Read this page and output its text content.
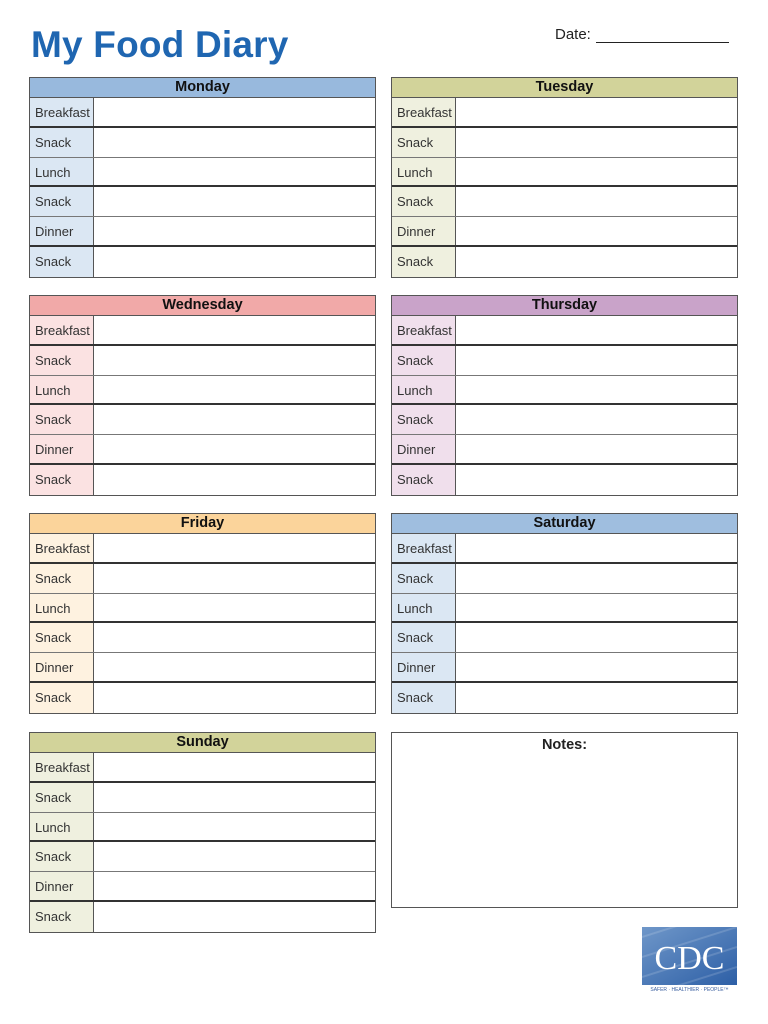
My Food Diary	Date:
Monday
Breakfast
Snack
Lunch
Snack
Dinner
Snack
Tuesday
Breakfast
Snack
Lunch
Snack
Dinner
Snack
Wednesday
Breakfast
Snack
Lunch
Snack
Dinner
Snack
Thursday
Breakfast
Snack
Lunch
Snack
Dinner
Snack
Friday
Breakfast
Snack
Lunch
Snack
Dinner
Snack
Saturday
Breakfast
Snack
Lunch
Snack
Dinner
Snack
Sunday
Breakfast
Snack
Lunch
Snack
Dinner
Snack
Notes:
CDC
SAFER · HEALTHIER · PEOPLE™
